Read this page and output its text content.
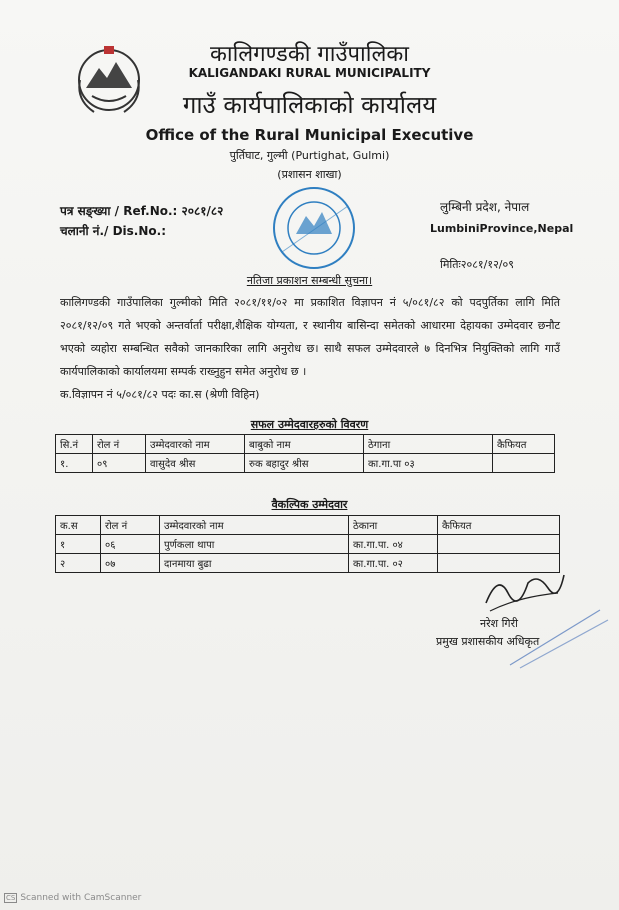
कालिगण्डकी गाउँपालिका
KALIGANDAKI RURAL MUNICIPALITY
गाउँ कार्यपालिकाको कार्यालय
Office of the Rural Municipal Executive
पुर्तिघाट, गुल्मी (Purtighat, Gulmi)
(प्रशासन शाखा)
पत्र सङ्ख्या / Ref.No.: २०८१/८२
चलानी नं./ Dis.No.:
लुम्बिनी प्रदेश, नेपाल
LumbiniProvince,Nepal
मितिः२०८१/१२/०९
नतिजा प्रकाशन सम्बन्धी सुचना।
कालिगण्डकी गाउँपालिका गुल्मीको मिति २०८१/११/०२ मा प्रकाशित विज्ञापन नं ५/०८१/८२ को पदपुर्तिका लागि मिति २०८१/१२/०९ गते भएको अन्तर्वार्ता परीक्षा,शैक्षिक योग्यता, र स्थानीय बासिन्दा समेतको आधारमा देहायका उम्मेदवार छनौट भएको व्यहोरा सम्बन्धित सवैको जानकारिका लागि अनुरोध छ। साथै सफल उम्मेदवारले ७ दिनभित्र नियुक्तिको लागि गाउँ कार्यपालिकाको कार्यालयमा सम्पर्क राख्नुहुन समेत अनुरोध छ ।
क.विज्ञापन नं ५/०८१/८२ पदः का.स (श्रेणी विहिन)
सफल उम्मेदवारहरुको विवरण
सि.नं	रोल नं	उम्मेदवारको नाम	बाबुको नाम	ठेगाना	कैफियत
१.	०९	वासुदेव श्रीस	रुक बहादुर श्रीस	का.गा.पा ०३	
वैकल्पिक उम्मेदवार
क.स	रोल नं	उम्मेदवारको नाम	ठेकाना	कैफियत
१	०६	पुर्णकला थापा	का.गा.पा. ०४	
२	०७	दानमाया बुढा	का.गा.पा. ०२	
नरेश गिरी
प्रमुख प्रशासकीय अधिकृत
CS Scanned with CamScanner
